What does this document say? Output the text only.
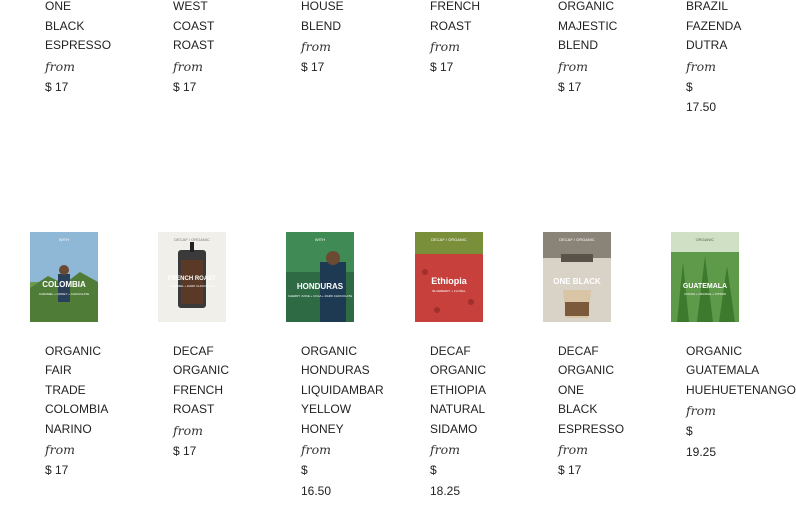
ONE
BLACK
ESPRESSO
from
$ 17

WEST
COAST
ROAST
from
$ 17

HOUSE
BLEND
from
$ 17

FRENCH
ROAST
from
$ 17

ORGANIC
MAJESTIC
BLEND
from
$ 17

BRAZIL
FAZENDA
DUTRA
from
$
17.50
WITH
COLOMBIA
CARAMEL + HONEY + CHOCOLATE
ORGANIC
FAIR
TRADE
COLOMBIA
NARINO
from
$ 17
DECAF / ORGANIC
FRENCH ROAST
CARAMEL + DARK CHOCOLATE
DECAF
ORGANIC
FRENCH
ROAST
from
$ 17
WITH
HONDURAS
CHERRY JUICE + COLA + DARK CHOCOLATE
ORGANIC
HONDURAS
LIQUIDAMBAR
YELLOW
HONEY
from
$
16.50
DECAF / ORGANIC
Ethiopia
BLUEBERRY + FLORAL
DECAF
ORGANIC
ETHIOPIA
NATURAL
SIDAMO
from
$
18.25
DECAF / ORGANIC
ONE BLACK
DECAF
ORGANIC
ONE
BLACK
ESPRESSO
from
$ 17
ORGANIC
GUATEMALA
COCOA + ORANGE + CITRUS
ORGANIC
GUATEMALA
HUEHUETENANGO
from
$
19.25
